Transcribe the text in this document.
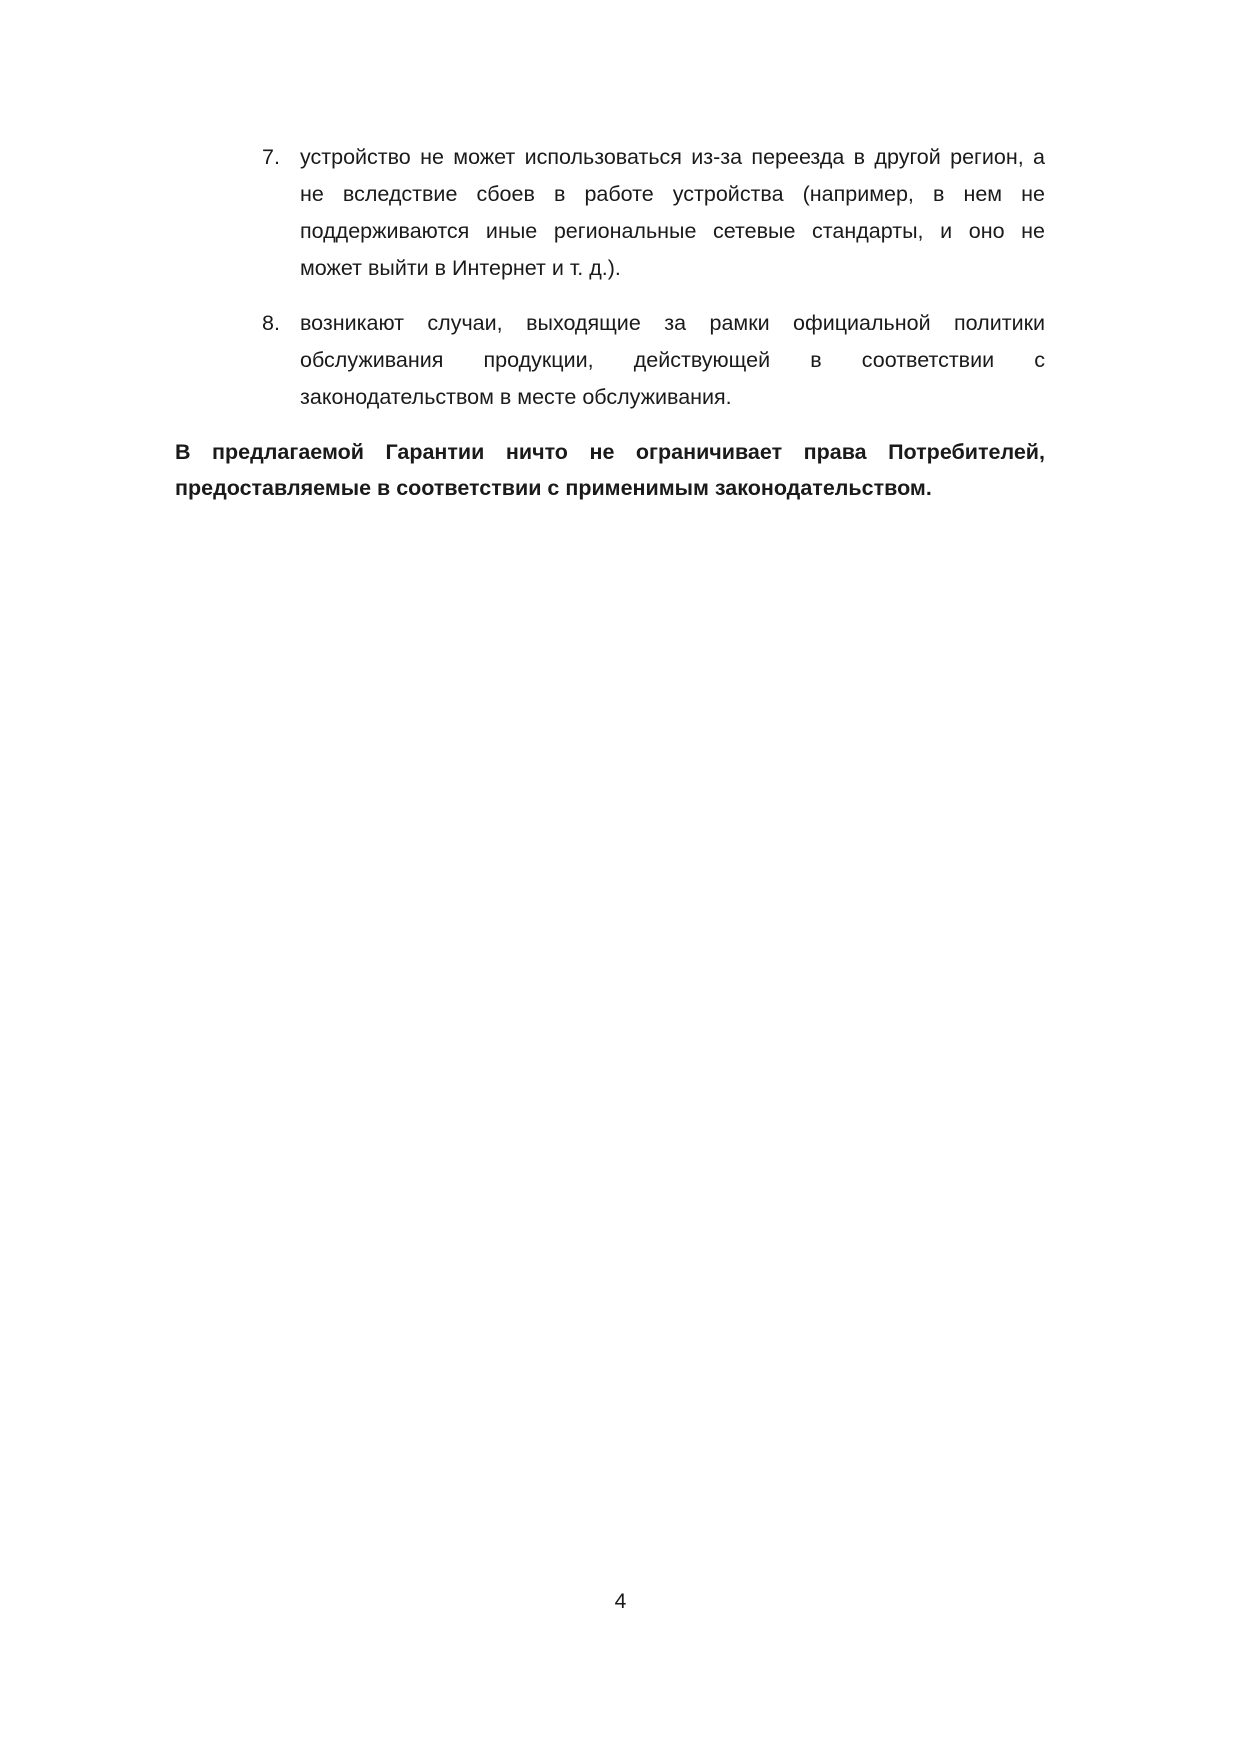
7. устройство не может использоваться из-за переезда в другой регион, а
не вследствие сбоев в работе устройства (например, в нем не
поддерживаются иные региональные сетевые стандарты, и оно не
может выйти в Интернет и т. д.).
8. возникают случаи, выходящие за рамки официальной политики
обслуживания продукции, действующей в соответствии с
законодательством в месте обслуживания.
В предлагаемой Гарантии ничто не ограничивает права Потребителей,
предоставляемые в соответствии с применимым законодательством.
4
